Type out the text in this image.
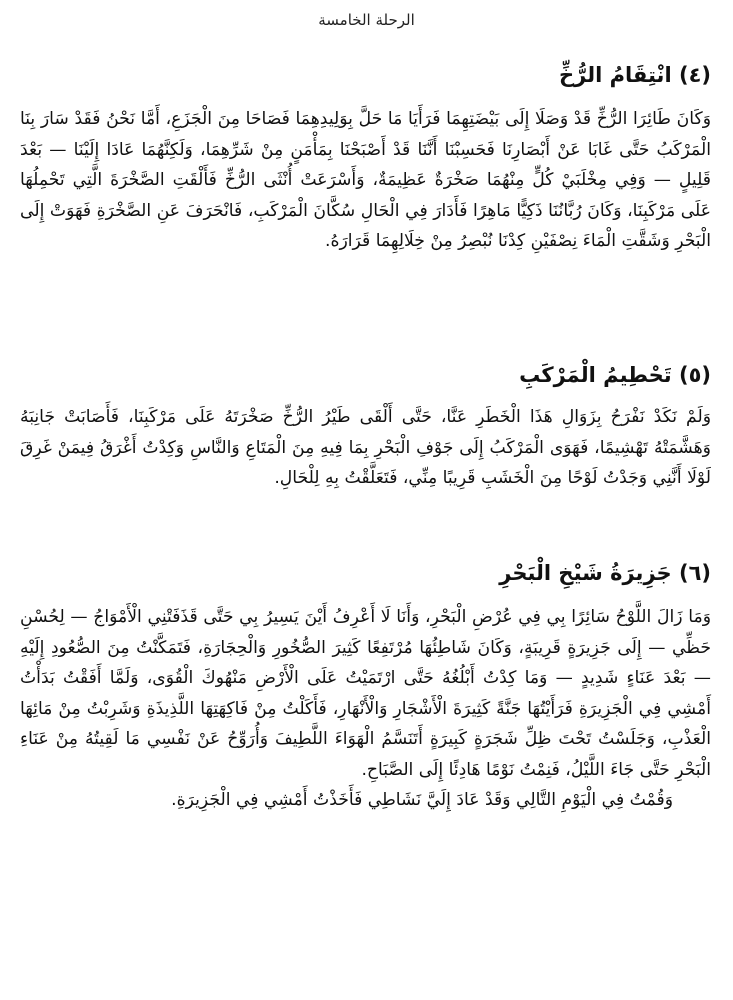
الرحلة الخامسة
(٤) انْتِقَامُ الرُّخِّ

وَكَانَ طَائِرَا الرُّخِّ قَدْ وَصَلَا إِلَى بَيْضَتِهِمَا فَرَأَيَا مَا حَلَّ بِوَلِيدِهِمَا فَصَاحَا مِنَ الْجَزَعِ، أَمَّا نَحْنُ فَقَدْ سَارَ بِنَا الْمَرْكَبُ حَتَّى غَابَا عَنْ أَبْصَارِنَا فَحَسِبْنَا أَنَّنَا قَدْ أَصْبَحْنَا بِمَأْمَنٍ مِنْ شَرِّهِمَا، وَلَكِنَّهُمَا عَادَا إِلَيْنَا — بَعْدَ قَلِيلٍ — وَفِي مِخْلَبَيْ كُلٍّ مِنْهُمَا صَخْرَةٌ عَظِيمَةٌ، وَأَسْرَعَتْ أُنْثَى الرُّخِّ فَأَلْقَتِ الصَّخْرَةَ الَّتِي تَحْمِلُهَا عَلَى مَرْكَبِنَا، وَكَانَ رُبَّانُنَا ذَكِيًّا مَاهِرًا فَأَدَارَ فِي الْحَالِ سُكَّانَ الْمَرْكَبِ، فَانْحَرَفَ عَنِ الصَّخْرَةِ فَهَوَتْ إِلَى الْبَحْرِ وَشَقَّتِ الْمَاءَ نِصْفَيْنِ كِدْنَا نُبْصِرُ مِنْ خِلَالِهِمَا قَرَارَهُ.

(٥) تَحْطِيمُ الْمَرْكَبِ

وَلَمْ نَكَدْ نَفْرَحُ بِزَوَالِ هَذَا الْخَطَرِ عَنَّا، حَتَّى أَلْقَى طَيْرُ الرُّخِّ صَخْرَتَهُ عَلَى مَرْكَبِنَا، فَأَصَابَتْ جَانِبَهُ وَهَشَّمَتْهُ تَهْشِيمًا، فَهَوَى الْمَرْكَبُ إِلَى جَوْفِ الْبَحْرِ بِمَا فِيهِ مِنَ الْمَتَاعِ وَالنَّاسِ وَكِدْتُ أَغْرَقُ فِيمَنْ غَرِقَ لَوْلَا أَنَّنِي وَجَدْتُ لَوْحًا مِنَ الْخَشَبِ قَرِيبًا مِنِّي، فَتَعَلَّقْتُ بِهِ لِلْحَالِ.

(٦) جَزِيرَةُ شَيْخِ الْبَحْرِ

وَمَا زَالَ اللَّوْحُ سَائِرًا بِي فِي عُرْضِ الْبَحْرِ، وَأَنَا لَا أَعْرِفُ أَيْنَ يَسِيرُ بِي حَتَّى قَذَفَتْنِي الْأَمْوَاجُ — لِحُسْنِ حَظِّي — إِلَى جَزِيرَةٍ قَرِيبَةٍ، وَكَانَ شَاطِئُهَا مُرْتَفِعًا كَثِيرَ الصُّخُورِ وَالْحِجَارَةِ، فَتَمَكَّنْتُ مِنَ الصُّعُودِ إِلَيْهِ — بَعْدَ عَنَاءٍ شَدِيدٍ — وَمَا كِدْتُ أَبْلُغُهُ حَتَّى ارْتَمَيْتُ عَلَى الْأَرْضِ مَنْهُوكَ الْقُوَى، وَلَمَّا أَفَقْتُ بَدَأْتُ أَمْشِي فِي الْجَزِيرَةِ فَرَأَيْتُهَا جَنَّةً كَثِيرَةَ الْأَشْجَارِ وَالْأَنْهَارِ، فَأَكَلْتُ مِنْ فَاكِهَتِهَا اللَّذِيذَةِ وَشَرِبْتُ مِنْ مَائِهَا الْعَذْبِ، وَجَلَسْتُ تَحْتَ ظِلِّ شَجَرَةٍ كَبِيرَةٍ أَتَنَسَّمُ الْهَوَاءَ اللَّطِيفَ وَأُرَوِّحُ عَنْ نَفْسِي مَا لَقِيتُهُ مِنْ عَنَاءِ الْبَحْرِ حَتَّى جَاءَ اللَّيْلُ، فَنِمْتُ نَوْمًا هَادِئًا إِلَى الصَّبَاحِ.

وَقُمْتُ فِي الْيَوْمِ التَّالِي وَقَدْ عَادَ إِلَيَّ نَشَاطِي فَأَخَذْتُ أَمْشِي فِي الْجَزِيرَةِ.
